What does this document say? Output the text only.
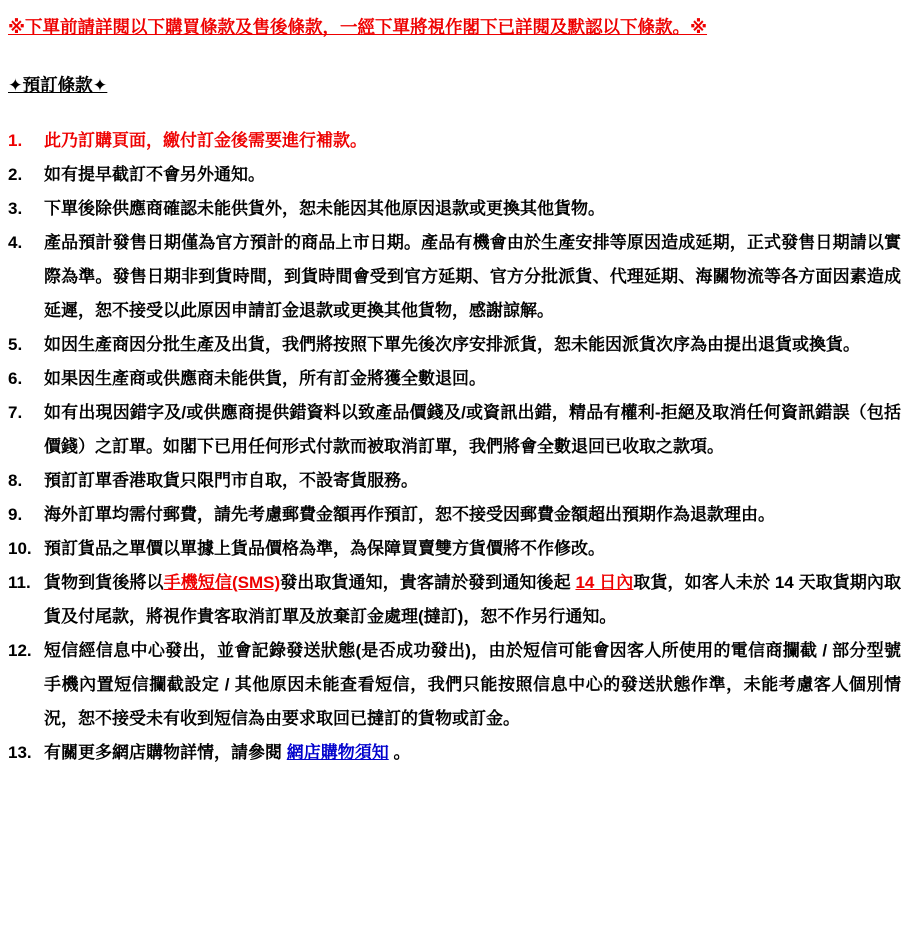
※下單前請詳閱以下購買條款及售後條款，一經下單將視作閣下已詳閱及默認以下條款。※
✦預訂條款✦
1.	此乃訂購頁面，繳付訂金後需要進行補款。
2.	如有提早截訂不會另外通知。
3.	下單後除供應商確認未能供貨外，恕未能因其他原因退款或更換其他貨物。
4.	產品預計發售日期僅為官方預計的商品上市日期。產品有機會由於生產安排等原因造成延期，正式發售日期請以實際為準。發售日期非到貨時間，到貨時間會受到官方延期、官方分批派貨、代理延期、海關物流等各方面因素造成延遲，恕不接受以此原因申請訂金退款或更換其他貨物，感謝諒解。
5.	如因生產商因分批生產及出貨，我們將按照下單先後次序安排派貨，恕未能因派貨次序為由提出退貨或換貨。
6.	如果因生產商或供應商未能供貨，所有訂金將獲全數退回。
7.	如有出現因錯字及/或供應商提供錯資料以致產品價錢及/或資訊出錯，精品有權利-拒絕及取消任何資訊錯誤（包括價錢）之訂單。如閣下已用任何形式付款而被取消訂單，我們將會全數退回已收取之款項。
8.	預訂訂單香港取貨只限門市自取，不設寄貨服務。
9.	海外訂單均需付郵費，請先考慮郵費金額再作預訂，恕不接受因郵費金額超出預期作為退款理由。
10. 預訂貨品之單價以單據上貨品價格為準，為保障買賣雙方貨價將不作修改。
11. 貨物到貨後將以手機短信(SMS)發出取貨通知，貴客請於發到通知後起 14 日內取貨，如客人未於 14 天取貨期內取貨及付尾款，將視作貴客取消訂單及放棄訂金處理(撻訂)，恕不作另行通知。
12. 短信經信息中心發出，並會記錄發送狀態(是否成功發出)，由於短信可能會因客人所使用的電信商攔截 / 部分型號手機內置短信攔截設定 / 其他原因未能查看短信，我們只能按照信息中心的發送狀態作準，未能考慮客人個別情況，恕不接受未有收到短信為由要求取回已撻訂的貨物或訂金。
13. 有關更多網店購物詳情，請參閱 網店購物須知 。
